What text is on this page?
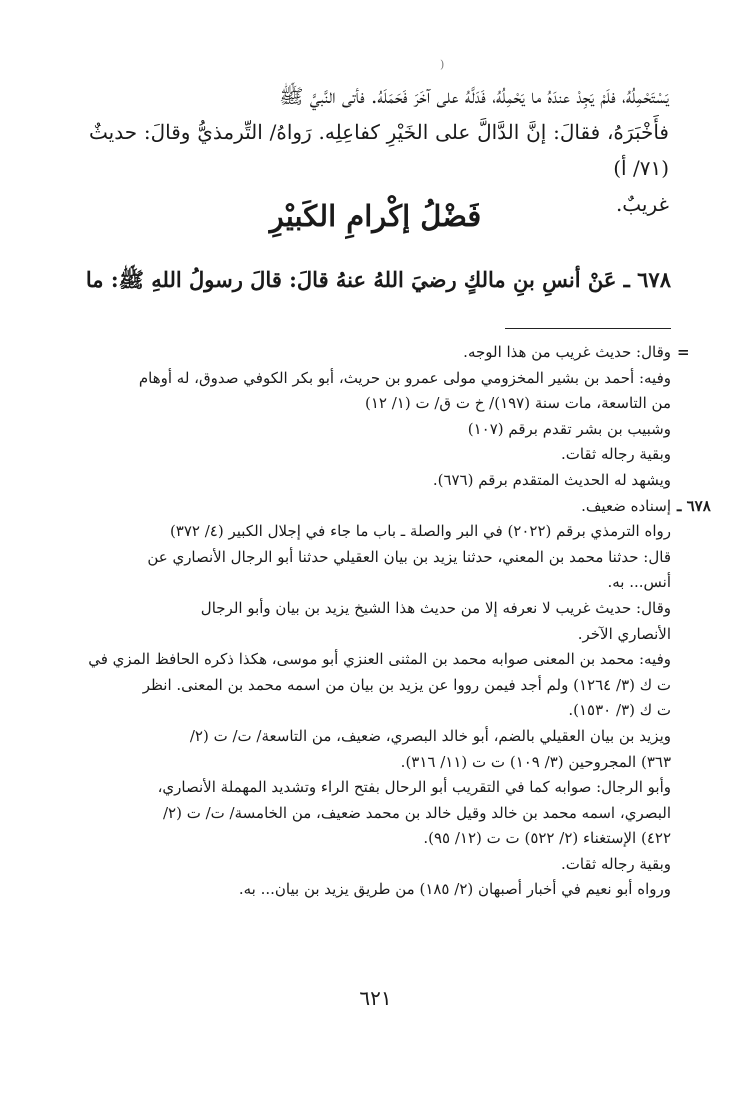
(

يَسْتَحْمِلُهُ، فلَمْ يَجِدْ عندَهُ ما يَحْمِلُهُ، فَدَلَّهُ على آخَرَ فَحَمَلَهُ. فأتى النَّبيَّ ﷺ

فأَخْبَرَهُ، فقالَ: إنَّ الدَّالَّ على الخَيْرِ كفاعِلِه. رَواهُ/ التِّرمذيُّ وقالَ: حديثٌ (٧١/ أ)

غريبٌ.

فَضْلُ إكْرامِ الكَبيْرِ
٦٧٨ ـ عَنْ أنسِ بنِ مالكٍ رضيَ اللهُ عنهُ قالَ: قالَ رسولُ اللهِ ﷺ: ما
=

وقال: حديث غريب من هذا الوجه.

وفيه: أحمد بن بشير المخزومي مولى عمرو بن حريث، أبو بكر الكوفي صدوق، له أوهام

من التاسعة، مات سنة (١٩٧)/ خ ت ق/ ت (١/ ١٢)

وشبيب بن بشر تقدم برقم (١٠٧)

وبقية رجاله ثقات.

ويشهد له الحديث المتقدم برقم (٦٧٦).

٦٧٨ ـ

إسناده ضعيف.

رواه الترمذي برقم (٢٠٢٢) في البر والصلة ـ باب ما جاء في إجلال الكبير (٤/ ٣٧٢)

قال: حدثنا محمد بن المعني، حدثنا يزيد بن بيان العقيلي حدثنا أبو الرجال الأنصاري عن

أنس... به.

وقال: حديث غريب لا نعرفه إلا من حديث هذا الشيخ يزيد بن بيان وأبو الرجال

الأنصاري الآخر.

وفيه: محمد بن المعنى صوابه محمد بن المثنى العنزي أبو موسى، هكذا ذكره الحافظ المزي في

ت ك (٣/ ١٢٦٤) ولم أجد فيمن رووا عن يزيد بن بيان من اسمه محمد بن المعنى. انظر

ت ك (٣/ ١٥٣٠).

ويزيد بن بيان العقيلي بالضم، أبو خالد البصري، ضعيف، من التاسعة/ ت/ ت (٢/

٣٦٣) المجروحين (٣/ ١٠٩) ت ت (١١/ ٣١٦).

وأبو الرجال: صوابه كما في التقريب أبو الرحال بفتح الراء وتشديد المهملة الأنصاري،

البصري، اسمه محمد بن خالد وقيل خالد بن محمد ضعيف، من الخامسة/ ت/ ت (٢/

٤٢٢) الإستغناء (٢/ ٥٢٢) ت ت (١٢/ ٩٥).

وبقية رجاله ثقات.

ورواه أبو نعيم في أخبار أصبهان (٢/ ١٨٥) من طريق يزيد بن بيان... به.

٦٢١
